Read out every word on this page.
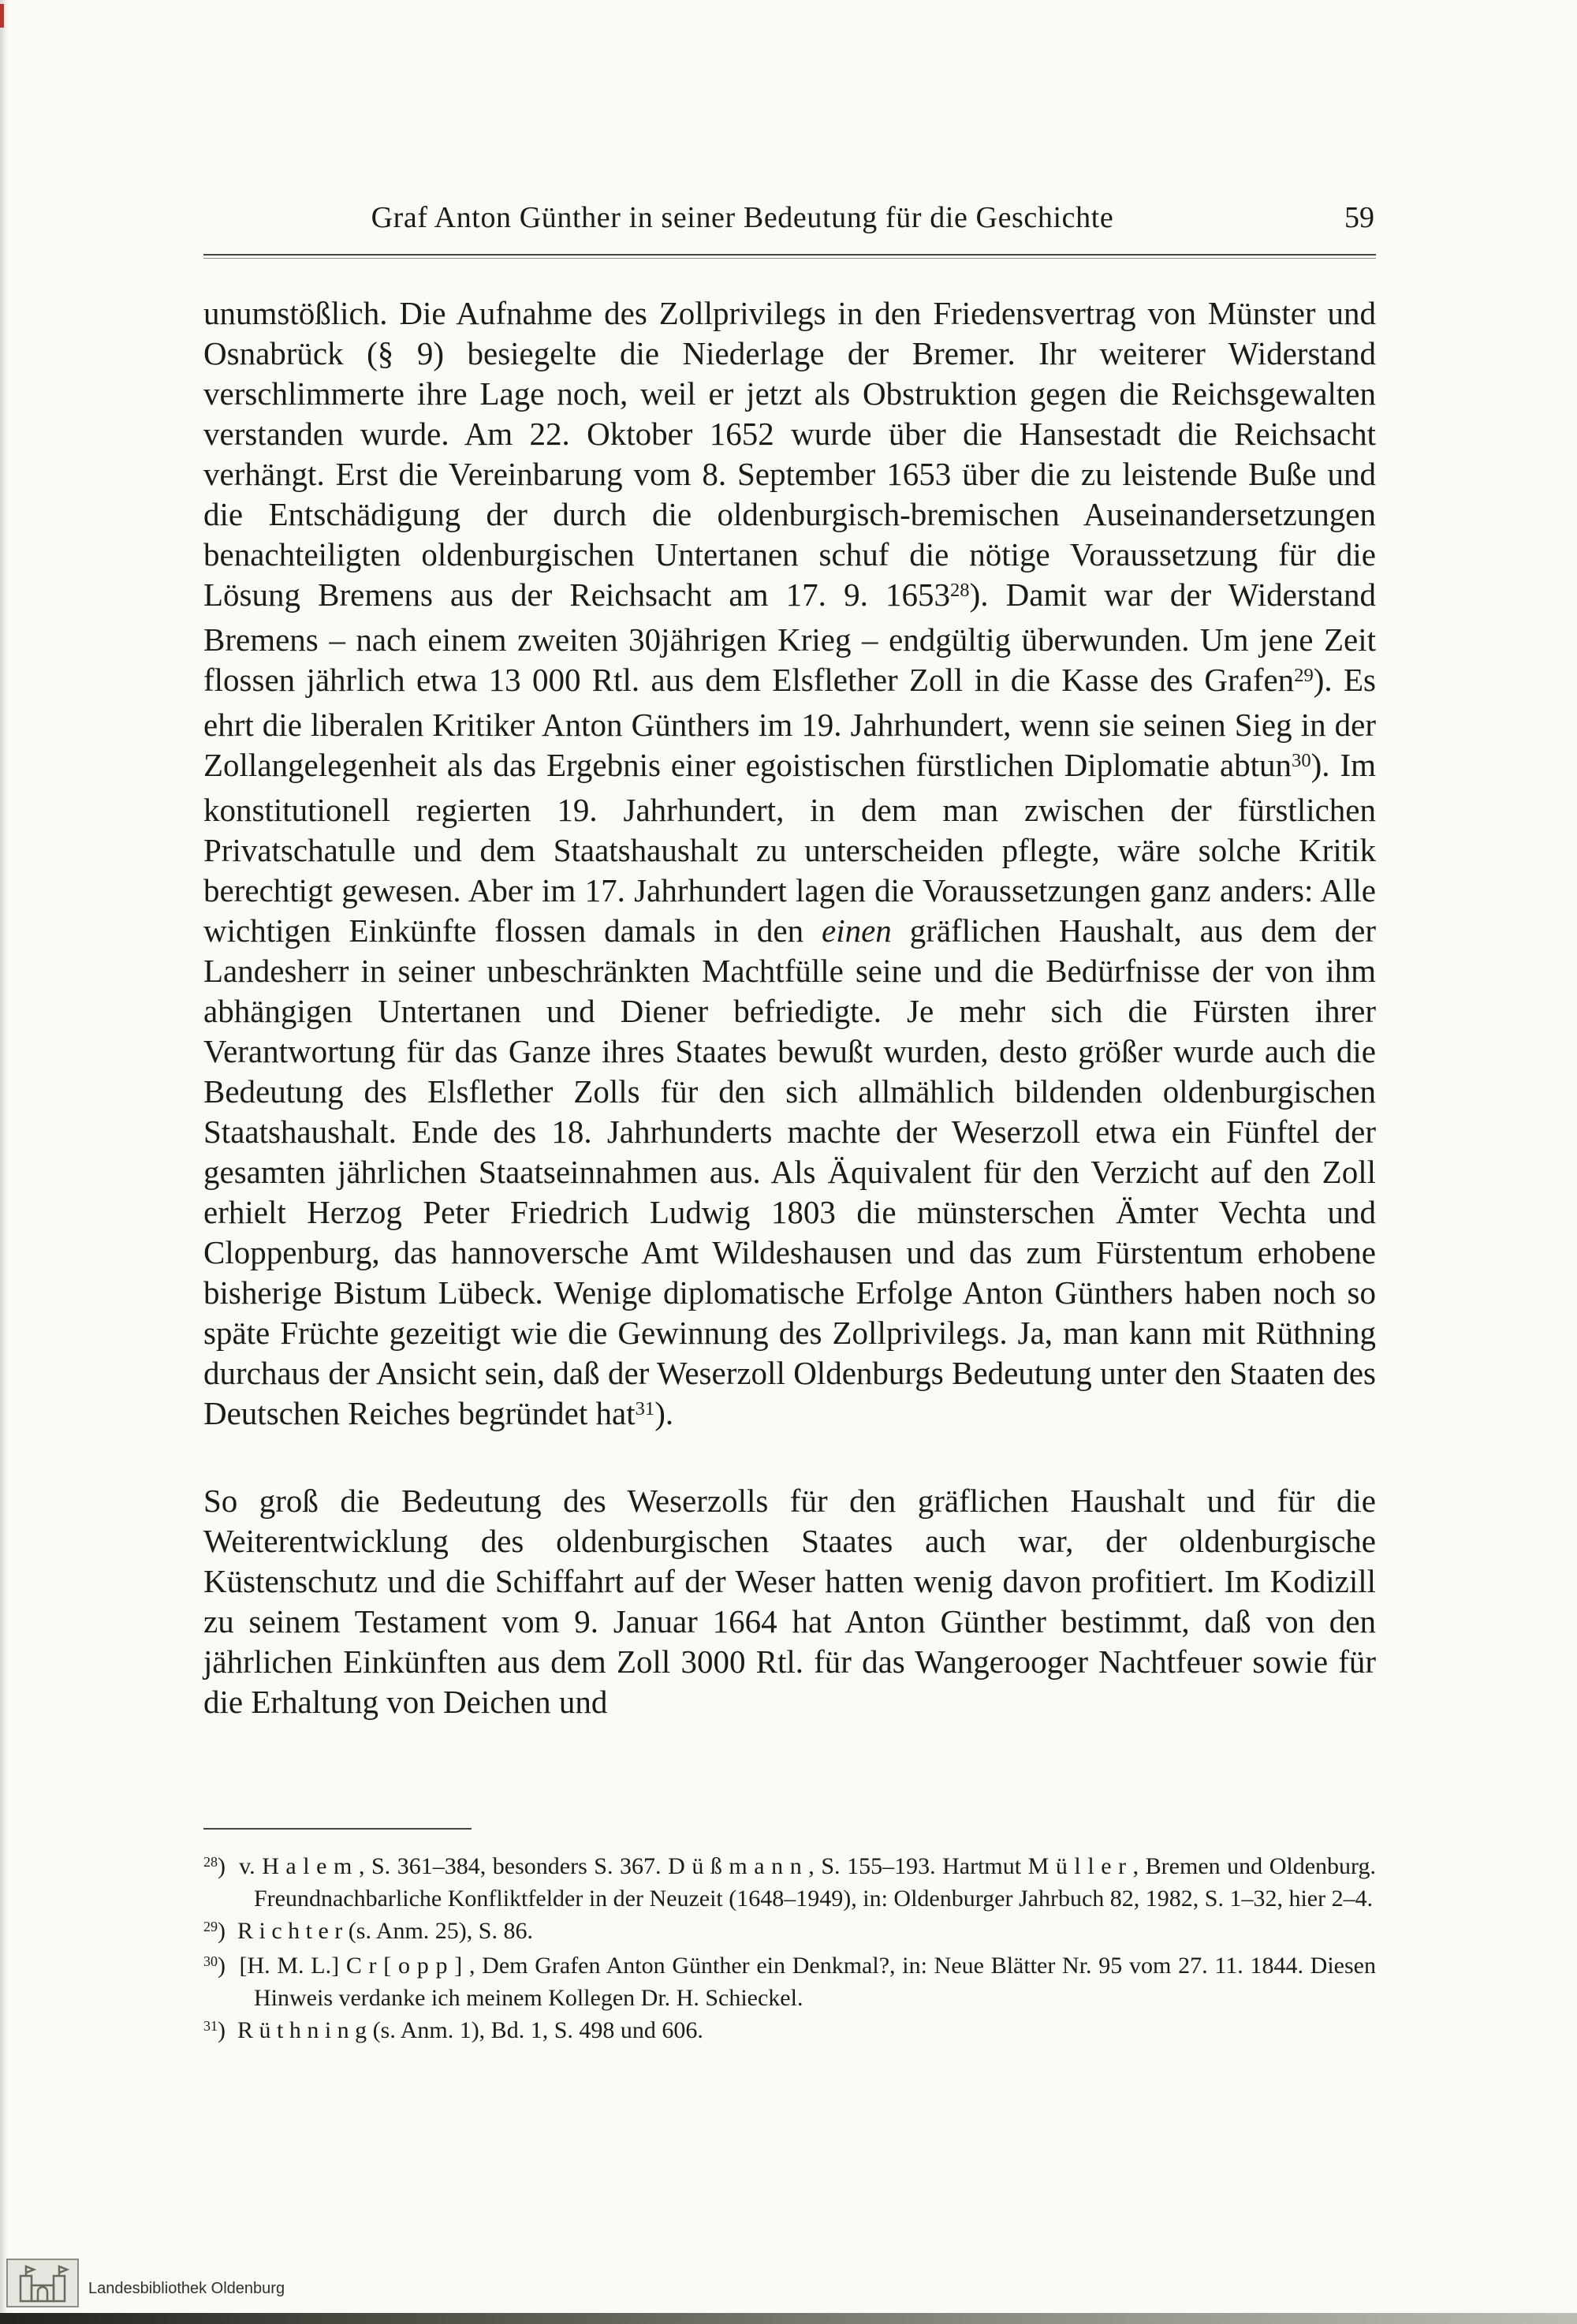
Graf Anton Günther in seiner Bedeutung für die Geschichte	59

unumstößlich. Die Aufnahme des Zollprivilegs in den Friedensvertrag von Münster und Osnabrück (§ 9) besiegelte die Niederlage der Bremer. Ihr weiterer Widerstand verschlimmerte ihre Lage noch, weil er jetzt als Obstruktion gegen die Reichsgewalten verstanden wurde. Am 22. Oktober 1652 wurde über die Hansestadt die Reichsacht verhängt. Erst die Vereinbarung vom 8. September 1653 über die zu leistende Buße und die Entschädigung der durch die oldenburgisch-bremischen Auseinandersetzungen benachteiligten oldenburgischen Untertanen schuf die nötige Voraussetzung für die Lösung Bremens aus der Reichsacht am 17. 9. 1653$^{28}$). Damit war der Widerstand Bremens – nach einem zweiten 30jährigen Krieg – endgültig überwunden. Um jene Zeit flossen jährlich etwa 13 000 Rtl. aus dem Elsflether Zoll in die Kasse des Grafen$^{29}$). Es ehrt die liberalen Kritiker Anton Günthers im 19. Jahrhundert, wenn sie seinen Sieg in der Zollangelegenheit als das Ergebnis einer egoistischen fürstlichen Diplomatie abtun$^{30}$). Im konstitutionell regierten 19. Jahrhundert, in dem man zwischen der fürstlichen Privatschatulle und dem Staatshaushalt zu unterscheiden pflegte, wäre solche Kritik berechtigt gewesen. Aber im 17. Jahrhundert lagen die Voraussetzungen ganz anders: Alle wichtigen Einkünfte flossen damals in den einen gräflichen Haushalt, aus dem der Landesherr in seiner unbeschränkten Machtfülle seine und die Bedürfnisse der von ihm abhängigen Untertanen und Diener befriedigte. Je mehr sich die Fürsten ihrer Verantwortung für das Ganze ihres Staates bewußt wurden, desto größer wurde auch die Bedeutung des Elsflether Zolls für den sich allmählich bildenden oldenburgischen Staatshaushalt. Ende des 18. Jahrhunderts machte der Weserzoll etwa ein Fünftel der gesamten jährlichen Staatseinnahmen aus. Als Äquivalent für den Verzicht auf den Zoll erhielt Herzog Peter Friedrich Ludwig 1803 die münsterschen Ämter Vechta und Cloppenburg, das hannoversche Amt Wildeshausen und das zum Fürstentum erhobene bisherige Bistum Lübeck. Wenige diplomatische Erfolge Anton Günthers haben noch so späte Früchte gezeitigt wie die Gewinnung des Zollprivilegs. Ja, man kann mit Rüthning durchaus der Ansicht sein, daß der Weserzoll Oldenburgs Bedeutung unter den Staaten des Deutschen Reiches begründet hat$^{31}$).

So groß die Bedeutung des Weserzolls für den gräflichen Haushalt und für die Weiterentwicklung des oldenburgischen Staates auch war, der oldenburgische Küstenschutz und die Schiffahrt auf der Weser hatten wenig davon profitiert. Im Kodizill zu seinem Testament vom 9. Januar 1664 hat Anton Günther bestimmt, daß von den jährlichen Einkünften aus dem Zoll 3000 Rtl. für das Wangerooger Nachtfeuer sowie für die Erhaltung von Deichen und

$^{28}$)  v. H a l e m , S. 361–384, besonders S. 367. D ü ß m a n n , S. 155–193. Hartmut M ü l l e r , Bremen und Oldenburg. Freundnachbarliche Konfliktfelder in der Neuzeit (1648–1949), in: Oldenburger Jahrbuch 82, 1982, S. 1–32, hier 2–4.

$^{29}$)  R i c h t e r (s. Anm. 25), S. 86.

$^{30}$)  [H. M. L.] C r [ o p p ] , Dem Grafen Anton Günther ein Denkmal?, in: Neue Blätter Nr. 95 vom 27. 11. 1844. Diesen Hinweis verdanke ich meinem Kollegen Dr. H. Schieckel.

$^{31}$)  R ü t h n i n g (s. Anm. 1), Bd. 1, S. 498 und 606.

Landesbibliothek Oldenburg
